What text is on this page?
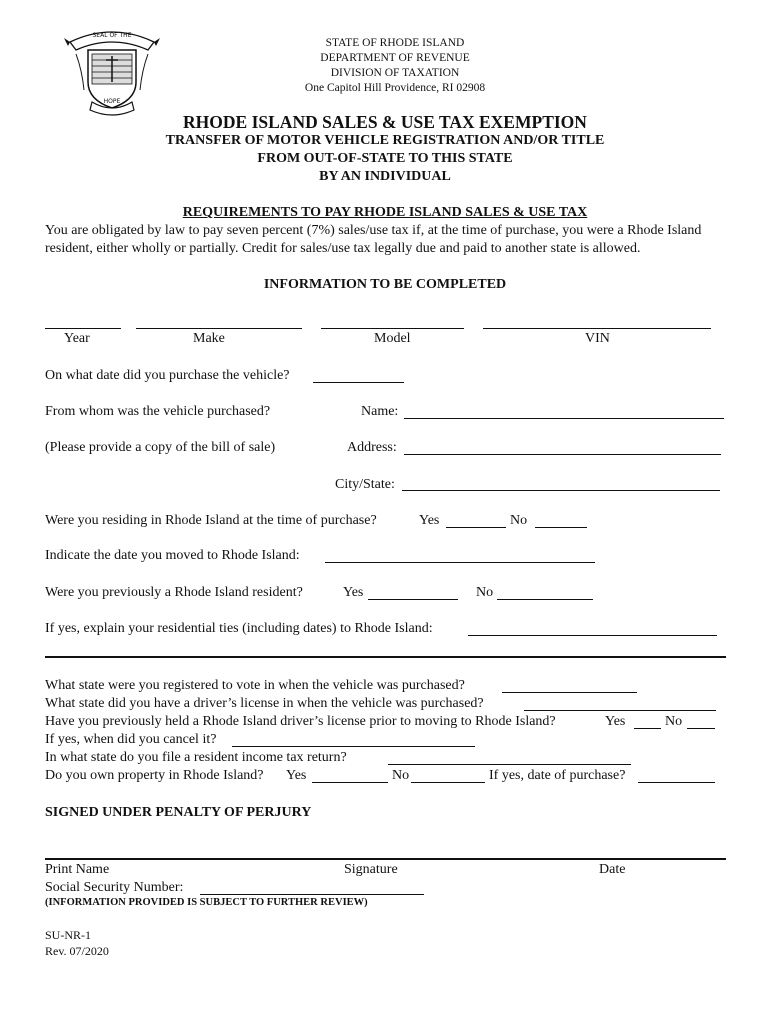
SEAL OF THE
HOPE
STATE OF RHODE ISLAND
DEPARTMENT OF REVENUE
DIVISION OF TAXATION
One Capitol Hill Providence, RI 02908
RHODE ISLAND SALES & USE TAX EXEMPTION
TRANSFER OF MOTOR VEHICLE REGISTRATION AND/OR TITLE
FROM OUT-OF-STATE TO THIS STATE
BY AN INDIVIDUAL
REQUIREMENTS TO PAY RHODE ISLAND SALES & USE TAX
You are obligated by law to pay seven percent (7%) sales/use tax if, at the time of purchase, you were a Rhode Island resident, either wholly or partially. Credit for sales/use tax legally due and paid to another state is allowed.
INFORMATION TO BE COMPLETED
Year	Make	Model	VIN
On what date did you purchase the vehicle?
From whom was the vehicle purchased?	Name:
(Please provide a copy of the bill of sale)	Address:
City/State:
Were you residing in Rhode Island at the time of purchase?	Yes	No
Indicate the date you moved to Rhode Island:
Were you previously a Rhode Island resident?	Yes	No
If yes, explain your residential ties (including dates) to Rhode Island:
What state were you registered to vote in when the vehicle was purchased?
What state did you have a driver’s license in when the vehicle was purchased?
Have you previously held a Rhode Island driver’s license prior to moving to Rhode Island?	Yes	No
If yes, when did you cancel it?
In what state do you file a resident income tax return?
Do you own property in Rhode Island? Yes	No	If yes, date of purchase?
SIGNED UNDER PENALTY OF PERJURY
Print Name	Signature	Date
Social Security Number:
(INFORMATION PROVIDED IS SUBJECT TO FURTHER REVIEW)
SU-NR-1
Rev. 07/2020
